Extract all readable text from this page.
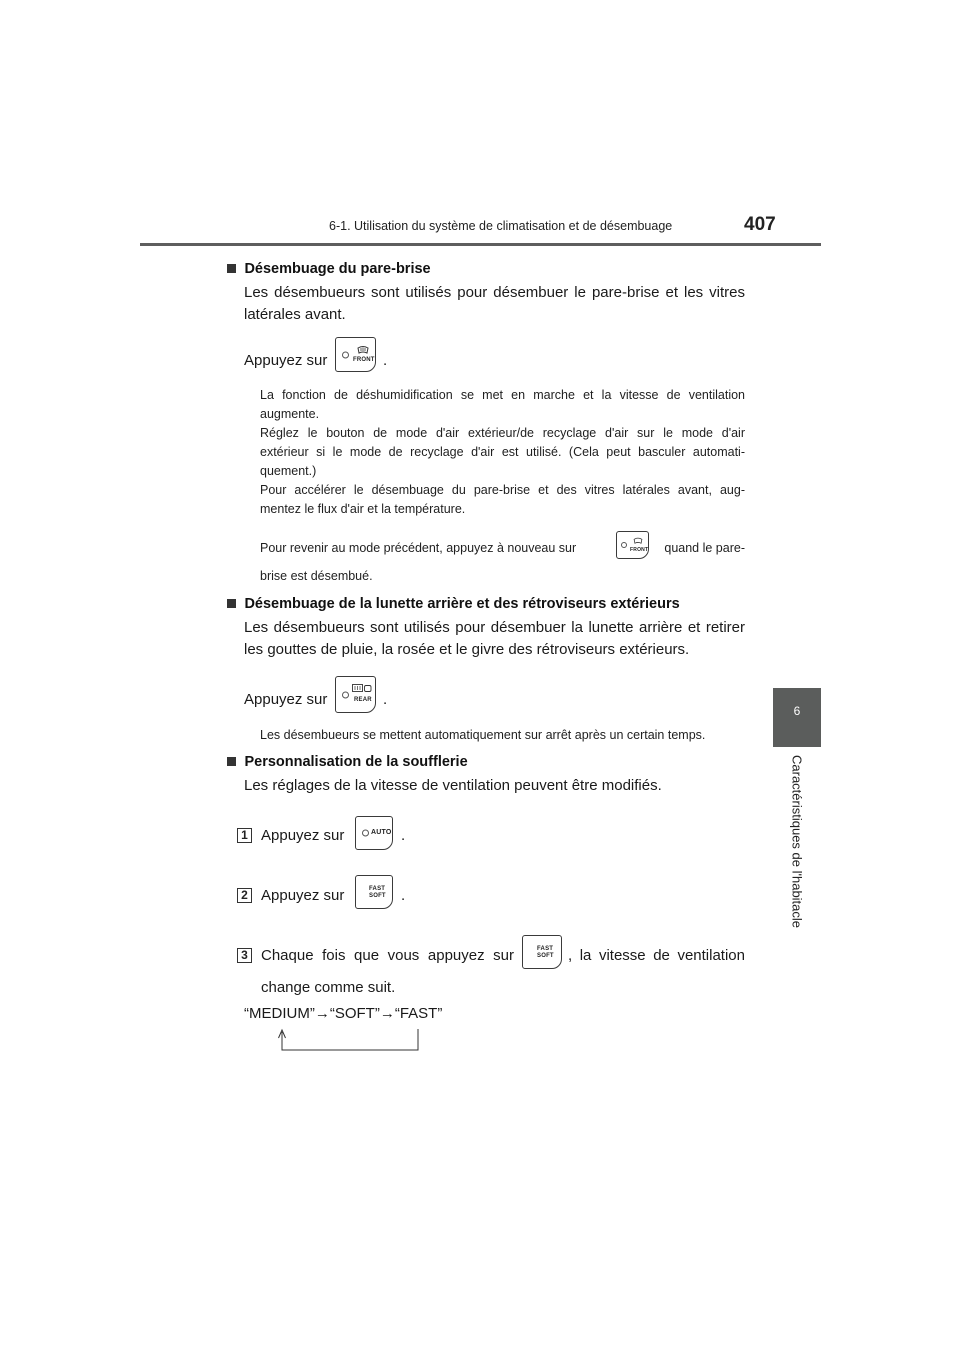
6-1. Utilisation du système de climatisation et de désembuage	407
6
Caractéristiques de l'habitacle
Désembuage du pare-brise
Les désembueurs sont utilisés pour désembuer le pare-brise et les vitres
latérales avant.
Appuyez sur	FRONT .
La fonction de déshumidification se met en marche et la vitesse de ventilation
augmente.
Réglez le bouton de mode d'air extérieur/de recyclage d'air sur le mode d'air
extérieur si le mode de recyclage d'air est utilisé. (Cela peut basculer automati-
quement.)
Pour accélérer le désembuage du pare-brise et des vitres latérales avant, aug-
mentez le flux d'air et la température.
Pour revenir au mode précédent, appuyez à nouveau sur	FRONT	quand le pare-
brise est désembué.
Désembuage de la lunette arrière et des rétroviseurs extérieurs
Les désembueurs sont utilisés pour désembuer la lunette arrière et retirer
les gouttes de pluie, la rosée et le givre des rétroviseurs extérieurs.
Appuyez sur	REAR .
Les désembueurs se mettent automatiquement sur arrêt après un certain temps.
Personnalisation de la soufflerie
Les réglages de la vitesse de ventilation peuvent être modifiés.
1 Appuyez sur	AUTO .
2 Appuyez sur	FAST
SOFT .
3 Chaque fois que vous appuyez sur	FAST
SOFT , la vitesse de ventilation
change comme suit.
“MEDIUM”→“SOFT”→“FAST”
